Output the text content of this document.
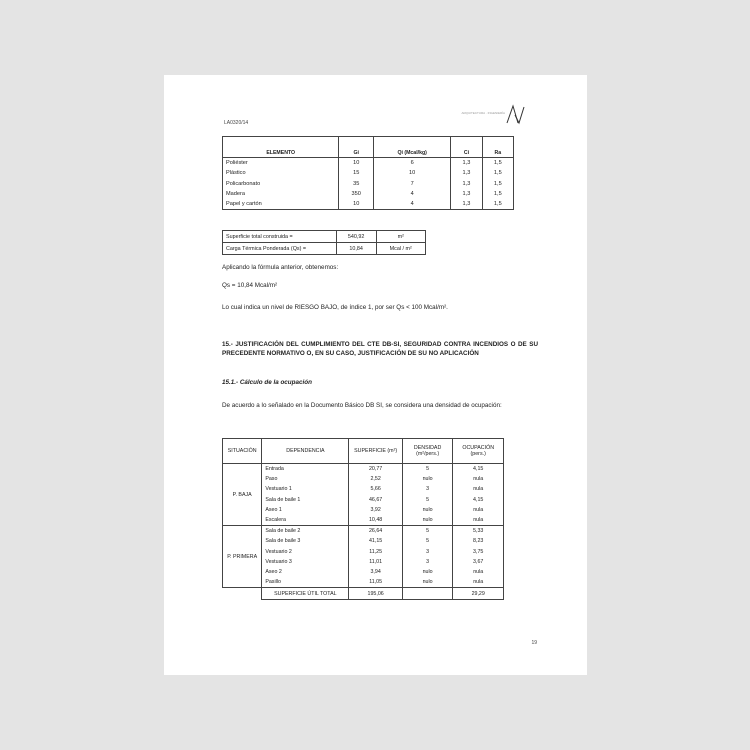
LA0320/14
ARQUITECTURA · INGENIERÍA
ELEMENTO	Gi	Qi (Mcal/kg)	Ci	Ra
Poliéster	10	6	1,3	1,5
Plástico	15	10	1,3	1,5
Policarbonato	35	7	1,3	1,5
Madera	350	4	1,3	1,5
Papel y cartón	10	4	1,3	1,5
Superficie total construida =	540,92	m²
Carga Térmica Ponderada (Qs) =	10,84	Mcal / m²
Aplicando la fórmula anterior, obtenemos:
Qs = 10,84 Mcal/m²
Lo cual indica un nivel de RIESGO BAJO, de índice 1, por ser Qs < 100 Mcal/m².
15.- JUSTIFICACIÓN DEL CUMPLIMIENTO DEL CTE DB-SI, SEGURIDAD CONTRA INCENDIOS O DE SU PRECEDENTE NORMATIVO O, EN SU CASO, JUSTIFICACIÓN DE SU NO APLICACIÓN
15.1.- Cálculo de la ocupación
De acuerdo a lo señalado en la Documento Básico DB SI, se considera una densidad de ocupación:
SITUACIÓN	DEPENDENCIA	SUPERFICIE (m²)	DENSIDAD (m²/pers.)	OCUPACIÓN (pers.)
P. BAJA	Entrada	20,77	5	4,15
	Paso	2,52	nulo	nula
	Vestuario 1	5,66	3	nula
	Sala de baile 1	46,67	5	4,15
	Aseo 1	3,92	nulo	nula
	Escalera	10,48	nulo	nula
P. PRIMERA	Sala de baile 2	26,64	5	5,33
	Sala de baile 3	41,15	5	8,23
	Vestuario 2	11,25	3	3,75
	Vestuario 3	11,01	3	3,67
	Aseo 2	3,94	nulo	nula
	Pasillo	11,05	nulo	nula
	SUPERFICIE ÚTIL TOTAL	195,06		29,29
19
